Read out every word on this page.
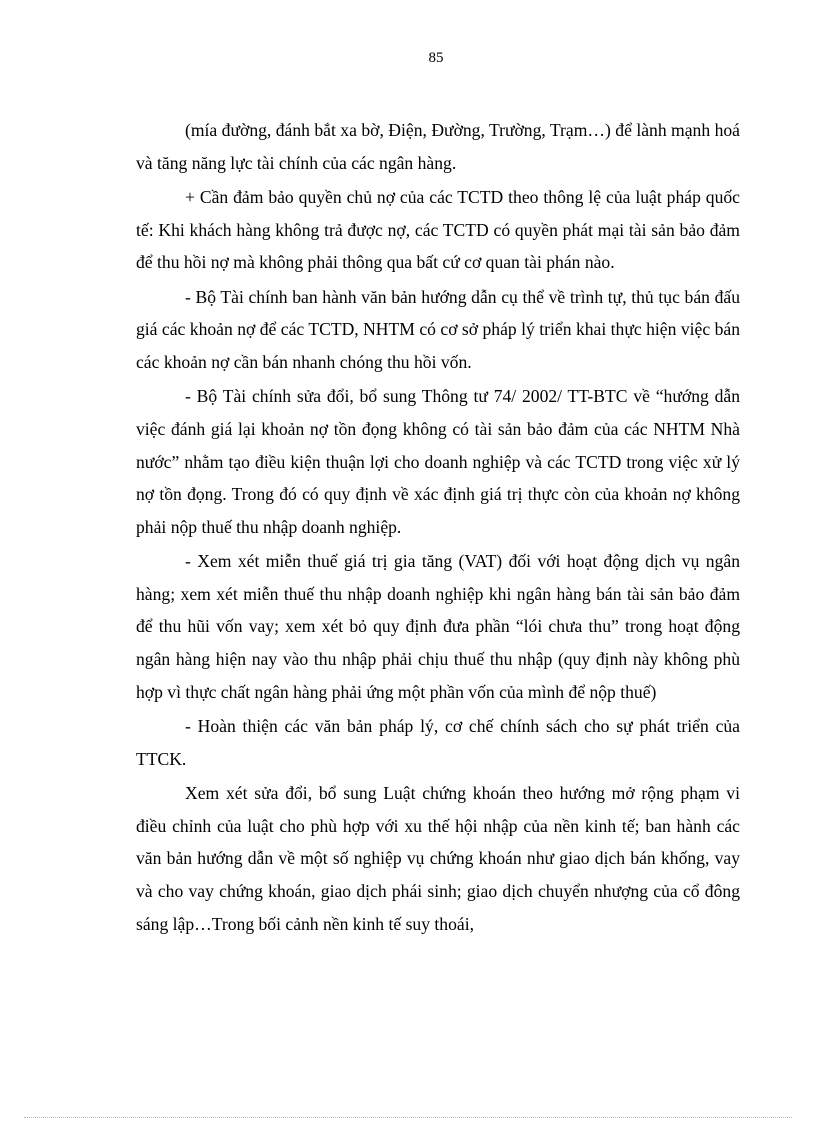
85

(mía đường, đánh bắt xa bờ, Điện, Đường, Trường, Trạm…) để lành mạnh hoá và tăng năng lực tài chính của các ngân hàng.

+ Cần đảm bảo quyền chủ nợ của các TCTD theo thông lệ của luật pháp quốc tế: Khi khách hàng không trả được nợ, các TCTD có quyền phát mại tài sản bảo đảm để thu hồi nợ mà không phải thông qua bất cứ cơ quan tài phán nào.

- Bộ Tài chính ban hành văn bản hướng dẫn cụ thể về trình tự, thủ tục bán đấu giá các khoản nợ để các TCTD, NHTM có cơ sở pháp lý triển khai thực hiện việc bán các khoản nợ cần bán nhanh chóng thu hồi vốn.

- Bộ Tài chính sửa đổi, bổ sung Thông tư 74/ 2002/ TT-BTC về “hướng dẫn việc đánh giá lại khoản nợ tồn đọng không có tài sản bảo đảm của các NHTM Nhà nước” nhằm tạo điều kiện thuận lợi cho doanh nghiệp và các TCTD trong việc xử lý nợ tồn đọng. Trong đó có quy định về xác định giá trị thực còn của khoản nợ không phải nộp thuế thu nhập doanh nghiệp.

- Xem xét miễn thuế giá trị gia tăng (VAT) đối với hoạt động dịch vụ ngân hàng; xem xét miễn thuế thu nhập doanh nghiệp khi ngân hàng bán tài sản bảo đảm để thu hũi vốn vay; xem xét bỏ quy định đưa phần “lói chưa thu” trong hoạt động ngân hàng hiện nay vào thu nhập phải chịu thuế thu nhập (quy định này không phù hợp vì thực chất ngân hàng phải ứng một phần vốn của mình để nộp thuế)

- Hoàn thiện các văn bản pháp lý, cơ chế chính sách cho sự phát triển của TTCK.

Xem xét sửa đổi, bổ sung Luật chứng khoán theo hướng mở rộng phạm vi điều chỉnh của luật cho phù hợp với xu thế hội nhập của nền kinh tế; ban hành các văn bản hướng dẫn về một số nghiệp vụ chứng khoán như giao dịch bán khống, vay và cho vay chứng khoán, giao dịch phái sinh; giao dịch chuyển nhượng của cổ đông sáng lập…Trong bối cảnh nền kinh tế suy thoái,
